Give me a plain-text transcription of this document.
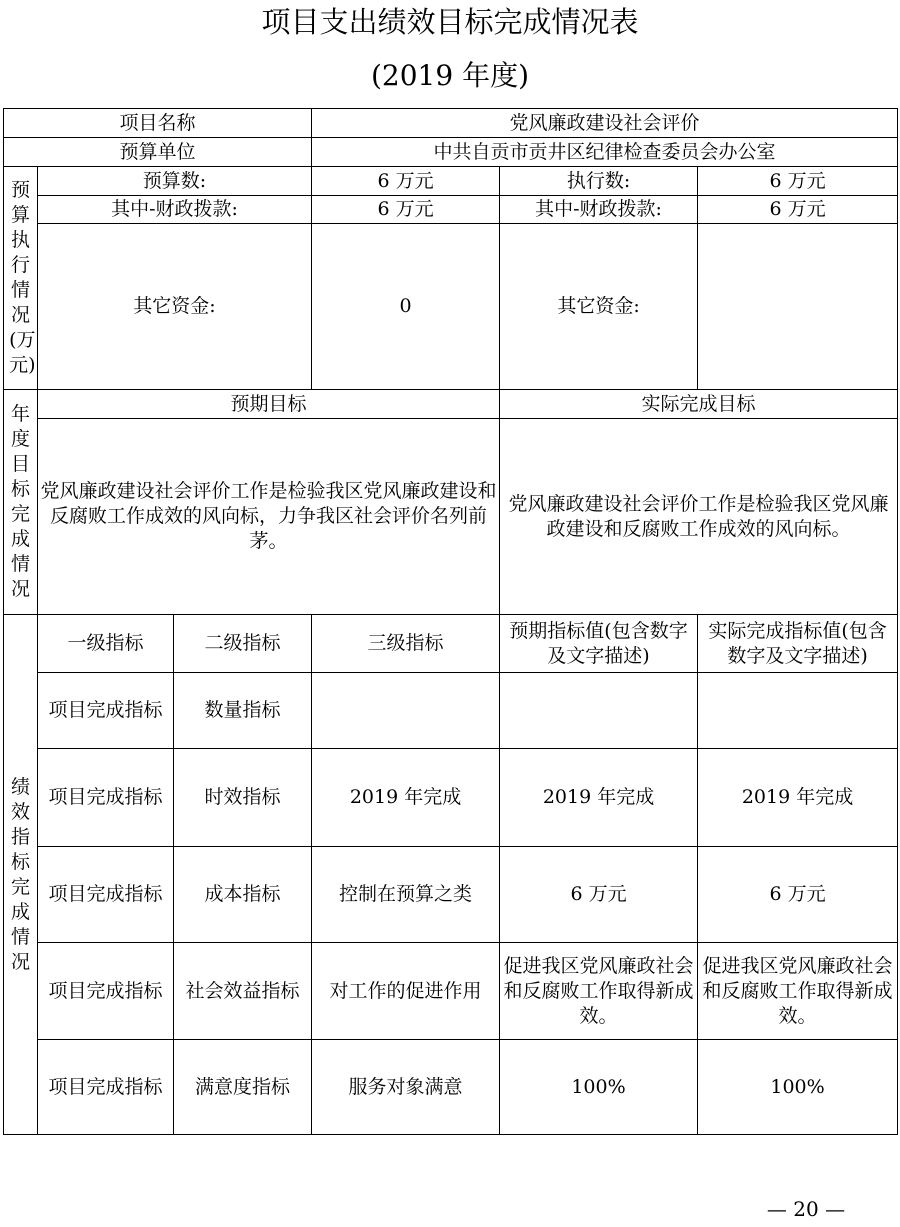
项目支出绩效目标完成情况表
(2019 年度)
项目名称			党风廉政建设社会评价		
预算单位			中共自贡市贡井区纪律检查委员会办公室		

预算执行情况(万元)	预算数:		6 万元	执行数:	6 万元
	其中-财政拨款:		6 万元	其中-财政拨款:	6 万元
	其它资金:		0	其它资金:	

年度目标完成情况	预期目标			实际完成目标	
	党风廉政建设社会评价工作是检验我区党风廉政建设和反腐败工作成效的风向标，力争我区社会评价名列前茅。			党风廉政建设社会评价工作是检验我区党风廉政建设和反腐败工作成效的风向标。	

绩效指标完成情况	一级指标	二级指标	三级指标	预期指标值(包含数字及文字描述)	实际完成指标值(包含数字及文字描述)
	项目完成指标	数量指标			
	项目完成指标	时效指标	2019 年完成	2019 年完成	2019 年完成
	项目完成指标	成本指标	控制在预算之类	6 万元	6 万元
	项目完成指标	社会效益指标	对工作的促进作用	促进我区党风廉政社会和反腐败工作取得新成效。	促进我区党风廉政社会和反腐败工作取得新成效。
	项目完成指标	满意度指标	服务对象满意	100%	100%
— 20 —
